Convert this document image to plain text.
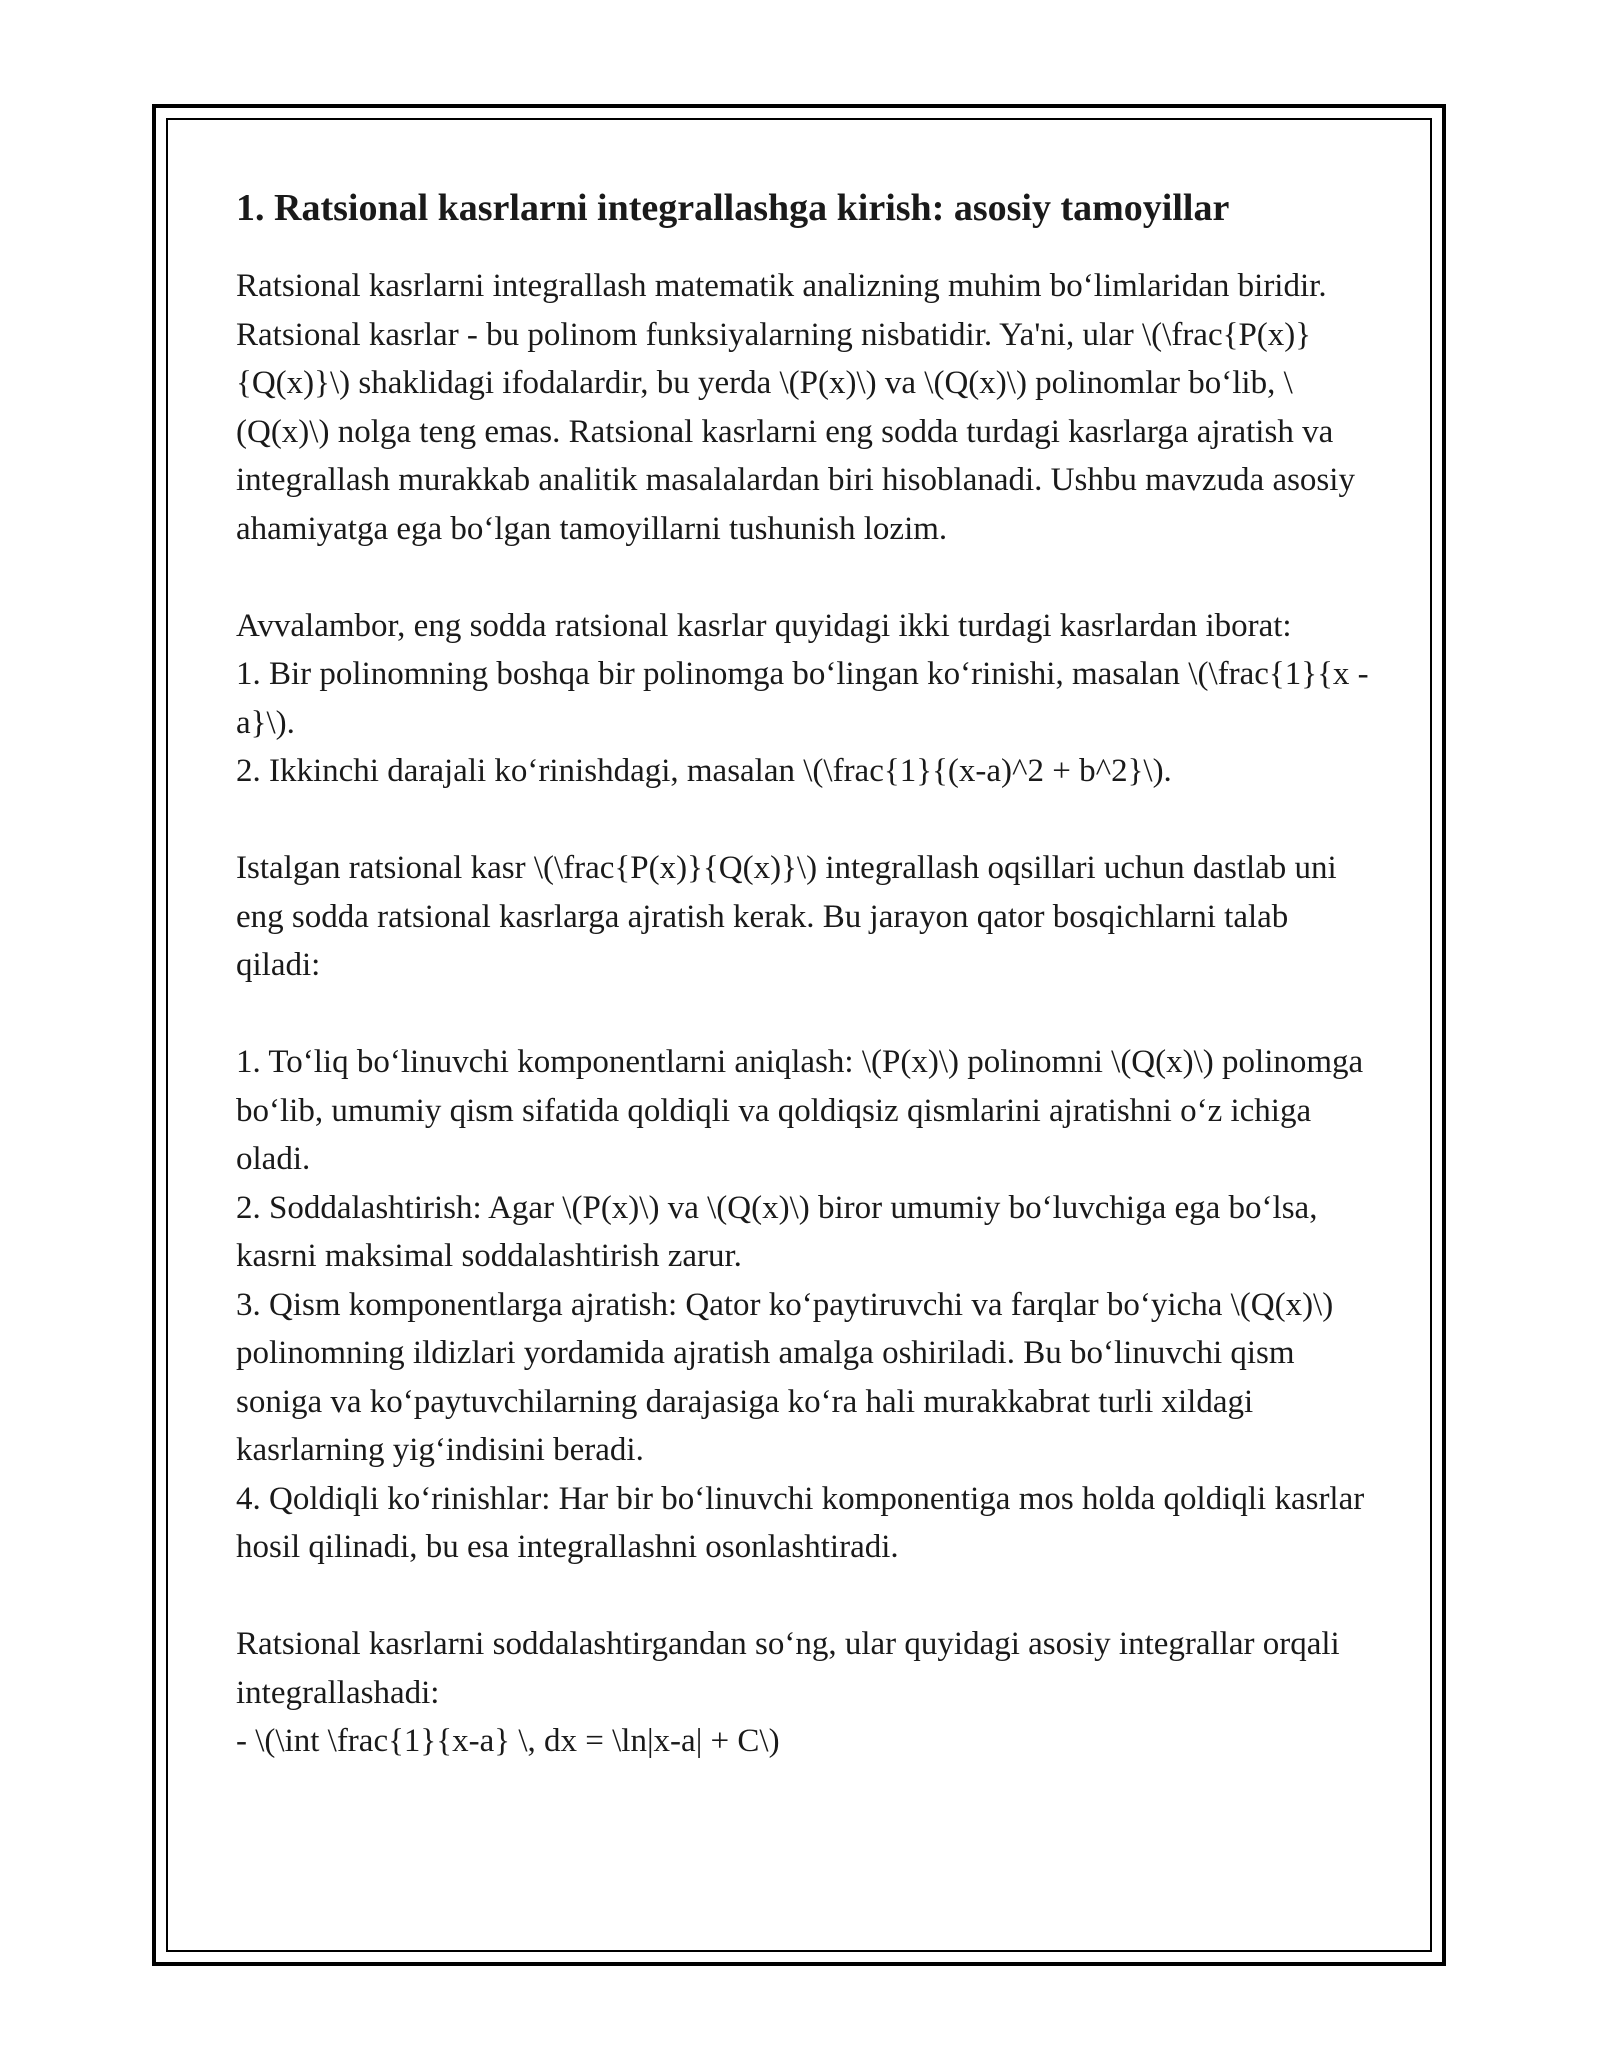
1. Ratsional kasrlarni integrallashga kirish: asosiy tamoyillar

Ratsional kasrlarni integrallash matematik analizning muhim bo‘limlaridan biridir. Ratsional kasrlar - bu polinom funksiyalarning nisbatidir. Ya'ni, ular \(\frac{P(x)}{Q(x)}\) shaklidagi ifodalardir, bu yerda \(P(x)\) va \(Q(x)\) polinomlar bo‘lib, \(Q(x)\) nolga teng emas. Ratsional kasrlarni eng sodda turdagi kasrlarga ajratish va integrallash murakkab analitik masalalardan biri hisoblanadi. Ushbu mavzuda asosiy ahamiyatga ega bo‘lgan tamoyillarni tushunish lozim.

Avvalambor, eng sodda ratsional kasrlar quyidagi ikki turdagi kasrlardan iborat:

1. Bir polinomning boshqa bir polinomga bo‘lingan ko‘rinishi, masalan \(\frac{1}{x - a}\).

2. Ikkinchi darajali ko‘rinishdagi, masalan \(\frac{1}{(x-a)^2 + b^2}\).

Istalgan ratsional kasr \(\frac{P(x)}{Q(x)}\) integrallash oqsillari uchun dastlab uni eng sodda ratsional kasrlarga ajratish kerak. Bu jarayon qator bosqichlarni talab qiladi:

1. To‘liq bo‘linuvchi komponentlarni aniqlash: \(P(x)\) polinomni \(Q(x)\) polinomga bo‘lib, umumiy qism sifatida qoldiqli va qoldiqsiz qismlarini ajratishni o‘z ichiga oladi.

2. Soddalashtirish: Agar \(P(x)\) va \(Q(x)\) biror umumiy bo‘luvchiga ega bo‘lsa, kasrni maksimal soddalashtirish zarur.

3. Qism komponentlarga ajratish: Qator ko‘paytiruvchi va farqlar bo‘yicha \(Q(x)\) polinomning ildizlari yordamida ajratish amalga oshiriladi. Bu bo‘linuvchi qism soniga va ko‘paytuvchilarning darajasiga ko‘ra hali murakkabrat turli xildagi kasrlarning yig‘indisini beradi.

4. Qoldiqli ko‘rinishlar: Har bir bo‘linuvchi komponentiga mos holda qoldiqli kasrlar hosil qilinadi, bu esa integrallashni osonlashtiradi.

Ratsional kasrlarni soddalashtirgandan so‘ng, ular quyidagi asosiy integrallar orqali integrallashadi:

- \(\int \frac{1}{x-a} \, dx = \ln|x-a| + C\)
